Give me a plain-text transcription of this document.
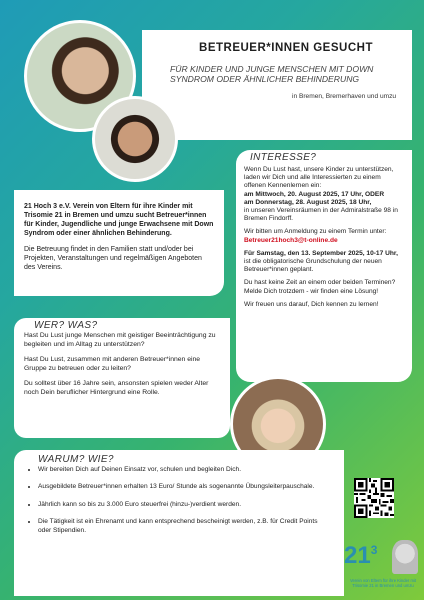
BETREUER*INNEN GESUCHT
FÜR KINDER UND JUNGE MENSCHEN MIT DOWN SYNDROM ODER ÄHNLICHER BEHINDERUNG
in Bremen, Bremerhaven und umzu

21 Hoch 3 e.V. Verein von Eltern für ihre Kinder mit Trisomie 21 in Bremen und umzu sucht Betreuer*innen für Kinder, Jugendliche und junge Erwachsene mit Down Syndrom oder einer ähnlichen Behinderung.

Die Betreuung findet in den Familien statt und/oder bei Projekten, Veranstaltungen und regelmäßigen Angeboten des Vereins.

INTERESSE?

Wenn Du Lust hast, unsere Kinder zu unterstützen, laden wir Dich und alle Interessierten zu einem offenen Kennenlernen ein:
am Mittwoch, 20. August 2025, 17 Uhr, ODER
am Donnerstag, 28. August 2025, 18 Uhr,
in unseren Vereinsräumen in der Admiralstraße 98 in Bremen Findorff.

Wir bitten um Anmeldung zu einem Termin unter:
Betreuer21hoch3@t-online.de

Für Samstag, den 13. September 2025, 10-17 Uhr, ist die obligatorische Grundschulung der neuen Betreuer*innen geplant.

Du hast keine Zeit an einem oder beiden Terminen? Melde Dich trotzdem - wir finden eine Lösung!

Wir freuen uns darauf, Dich kennen zu lernen!

WER? WAS?

Hast Du Lust junge Menschen mit geistiger Beeinträchtigung zu begleiten und im Alltag zu unterstützen?

Hast Du Lust, zusammen mit anderen Betreuer*innen eine Gruppe zu betreuen oder zu leiten?

Du solltest über 16 Jahre sein, ansonsten spielen weder Alter noch Dein beruflicher Hintergrund eine Rolle.

WARUM? WIE?
• Wir bereiten Dich auf Deinen Einsatz vor, schulen und begleiten Dich.
• Ausgebildete Betreuer*innen erhalten 13 Euro/ Stunde als sogenannte Übungsleiterpauschale.
• Jährlich kann so bis zu 3.000 Euro steuerfrei (hinzu-)verdient werden.
• Die Tätigkeit ist ein Ehrenamt und kann entsprechend bescheinigt werden, z.B. für Credit Points oder Stipendien.
$21^3$
Verein von Eltern für ihre Kinder mit Trisomie 21 in Bremen und umzu
